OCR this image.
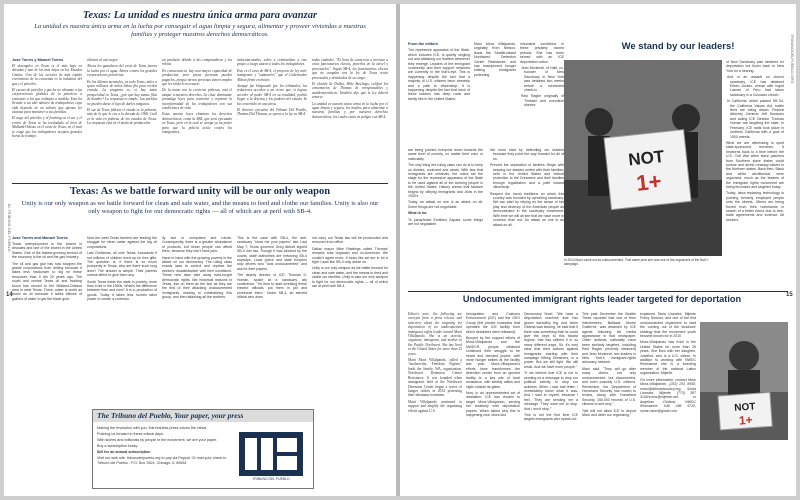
EL TRIBUNO DEL PUEBLO
14
Texas: La unidad es nuestra única arma para avanzar

La unidad es nuestra única arma en la lucha por conseguir el agua limpia y segura, alimentar y proveer viviendas a nuestras familias y proteger nuestros derechos democráticos.

Jose Torres y Manuel Torres

El desempleo en Texas es el más bajo en décadas y uno de los más bajos en los Estados Unidos. Uno de los sectores de más rápido crecimiento de la economía es la industria del gas y el petróleo.

El escaso de petróleo y gas ha no obstante a las corporaciones globales de la petrolera a contratar a los que trabajan a medida. Esto ha llevado a un alto número de trabajadores cuya vida depende de un salario que apenas les alcanza para mantener a sus familias.

El auge del petróleo y el fracking en el sur y el centro de Texas se ha trasladado al área de Midland-Odessa en el oeste de Texas, en el cual se exige que los trabajadores acepten grandes horas de trabajo.

alientar al uno negro.

Ahora los ganaderos del oeste de Texas fueron la lucha por el agua. Ahora contra los grandes corporaciones petroleras.

En los últimos mensiales, en todo Texas, miles a quien millones de niños lidian fila para recibir comida. La pregunta es, si hay tanta prosperidad en Texas, ¿por qué hay tantas filas de hambre? La respuesta es simple. Las pueblas no pueden darse el lujo de darles ningunos.

El sur de Texas fábrica el estado es la pobreza, más de lo que lo era a la década de 1960. Cuál es la vida en pobreza de los estados de Texas. La respuesta está en el modo de producción.

un producto debido a las computadoras y los robots.

En consecuencia, hay una mayor capacidad de producción, pero pocas personas pueden pagarlos, porque menos personas tienen empleo que les rinda lo necesario.

De la mano con la creciente pobreza, está el ataque a nuestros derechos. La clase dominante promulga leyes para controlar y reprimir la inconformidad de los trabajadores con sus condiciones de vida.

Estas nuevas leyes eliminan los derechos democráticos, como la SB4, que será ejecutado en Texas, pero en la cual se otorga ya un poder para que la policía actúe contra los inmigrantes.

indocumentados, sobre a criminalizar a este grupo, a luego atacar a todos los trabajadores.

Este es el caso de SB-4, el proyecto de ley anti-inmigrante y "santuarios" que el Gobernador Abbott firmó en marzo.

Aunque fue bloqueado por los tribunales, los redactores acceden a un cierre que, si logran acceder al poder SB-4 en su totalidad, podría llegar a la defensa y los poderes del estado. Se ha convertido en una farsa.

El director ejecutivo del Tribuno Del Pueblo, Thomas Dal Thomas, se opone a la ley en SB-4.

todas ciudades. "Es hora de conservar a arrestar a estos funcionarios electos, ponerlos en la cárcel y procesarlos". Según SB-4, los funcionarios electos que no cumplan con la ley de Texas serán procesados y destituidos de su cargo.

El alcalde de Dallas, Mike Rawlings, calificó los comentarios de Thomas de irresponsables y antidemocráticos. También dijo que la ley deberá votarse.

La unidad es nuestra única arma en la lucha por el agua limpia y segura, los medios para alimentar a nuestras familias y por nuestros derechos democráticos, los cuales están en peligro con SB-4.

Texas: As we battle forward unity will be our only weapon

Unity is our only weapon as we battle forward for clean and safe water, and the means to feed and clothe our families. Unity is also our only weapon to fight for our democratic rights — all of which are at peril with SB-4.

Jose Torres and Manuel Torres

Texas unemployment is the lowest in decades and one of the lowest in the United States. One of the fastest-growing sectors of the economy is the oil and the gas industry.

The oil and gas glut has now stopped the global corporations from drilling because it takes less manpower to dig for these resources than it did 20 years ago. The south and central Texas oil and fracking boom has moved to the Midland-Odessa area in west Texas. There, water is worth as much as oil because it takes billions of gallons of water to get the black gold.

Now the west Texas farmers are leading the struggle for clean water against the big oil corporations.

Last Christmas, all over Texas, thousands if not millions of children lined up for free gifts. The question is, if there is so much prosperity in Texas, why are there such long lines? The answer is simple. Their parents cannot afford to give them any.

South Texas leads the state in poverty, more than it did in the 1960s. What's the difference between then and now? It is in production of goods. Today it takes less human labor power to create a commod-

ity due to computers and robots. Consequently, there is a greater abundance of products, but fewer people can afford them, because they don't have jobs.

Hand in hand with the growing poverty is the attack on our democracy. The ruling class enacts laws to control and repress the workers' dissatisfaction with their conditions. These new laws take away hard-fought democratic rights, like historical reasons in Texas, this on them as the first as they are the first of their attacking undocumented immigrants, leading to criminalizing this group, and then attacking all the workers.

This is the case with SB-4, the anti-sanctuary "show me your papers" law. Last May 7, Texas governor Greg Abbott signed SB-4 into law. Though it was blocked by the courts, state authorities are enforcing SB-4 anyways. Local police and state troopers stop drivers who "look undocumented" and ask for their papers.

The deputy director of ICE, Thomas D. Homan, spoke at a sanctuary city conference. "It's time to start arresting these elected officials, put them in jail and prosecute them." Under SB-4, an elected official who does

not carry out Texas law will be prosecuted and removed from office.

Dallas mayor Mike Rawlings called Thomas' remarks total hogwash and un-American. We couldn't agree more. It looks like we are in for a fight. Laws like SB-4 only divide us.

Unity is our only weapon as we battle forward for clean and safe water, and the means to feed and clothe our families. Unity is also our only weapon to fight for our democratic rights — all of which are at peril with SB-4.

The Tribuno del Pueblo, Your paper, your press

Making the revolution with you, this fearless press voices the views

Pushing us forward in these critical days.

With stories and editorials by people in the movement, we are your paper.

Buy a subscription today.

$20 for an annual subscription

Visit our web site, tribunodelpueblo.org to pay via Paypal. Or mail your check to Tribuno del Pueblo - P.O. Box 3524, Chicago, IL 60654

TRIBUNO DEL PUEBLO
TRIBUNODELPUEBLO.ORG
15
From the editors

The repressive apparatus of the State, which includes ICE, is quietly singling out and attacking our leaders whenever they emerge. Leaders of the immigrant community and their support networks are currently in the bull's-eye. This is happening despite the fact that a majority of U.S. citizens favor amnesty and a path to citizenship. It is happening despite the fact that each of these leaders has deep roots and family ties in the United States.

Marú Mora Villalpando, originally from Mexico, leads the Seattle-based Northwest Detention Center Resistance, and has championed hunger striking immigrants protesting

inhumane conditions in these privately owned prisons. She has been served with an ICE deportation notice.

Jean Montrevil, of Haiti, co-founder of New Sanctuary in New York was detained two weeks before a scheduled check-in.

Ravi Ragbir originally of Trinidad and executive director

We stand by our leaders!
NOT
1+
In 2014 Marú came out as undocumented. That same year she was one of the organizers of the Not1+ campaign.

of New Sanctuary was detained for deportation but flown back to New York for a hearing.

And in an assault on church sanctuary, ICE has detained Eliseo Jurado, whose wife Ingrid Latorre of Peru had taken sanctuary in a Colorado church.

In California, which passed SB 54, the California Values Act, battle lines are being drawn. Federal Attorney General Jeff Sessions and acting ICE Director Thomas Homan are targeting the state. In February, ICE raids took place in northern California with a goal of 1500 arrests.

What we are witnessing is quiet state-sponsored terrorism. It hearkens back to a time before the U.S. Civil War when slave patchers from Southern slave states could pursue and arrest runaway slaves in the Northern states. Back then, Black and white abolitionists were organized, much as the leaders of the immigrant rights movement are being terrorized and targeted today.

Today, labor-replacing technology is pushing formerly employed people onto the streets. Others are being forced from their homelands in search of a better future due to free-trade agreements and violence. All workers

are being pushed everyone down towards the same level of poverty, no matter their color or nationality.

The only thing the ruling class can do is to keep us divided, confused and afraid. With fear that immigrants are criminals, the rulers set the stage for the repressive apparatus of the State to be used against all of the working people in the United States. History shows that fascism begins by vilifying immigrants and Jews in the 1930's.

Today, an attack on one is an attack on all. Some things are not negotiable.

What to do:

To paraphrase Emiliano Zapata, some things are not negotiable.

We must start by defending our leaders because they point the way forward for all of us.

Prevent the separation of families. Begin with keeping our leaders united with their families; here in the United States and extend protection to the Dreamers and their families through legalization and a path toward citizenship.

Respect the moral traditions on which this country was founded by upholding sanctuary. We can start by relying on the sense of fair play and decency of the American people as demonstrated in the sanctuary movement. With time we will all see that we have more in common than not. An attack on one is an attack on all.

Undocumented immigrant rights leader targeted for deportation

Editor's note: the following are excerpts from a press release and interview about the targeting for deportation of an undocumented immigrant rights leader named Marú Villalpando. She is an activist, organizer, immigrant, and mother in the Pacific Northwest. She has lived in the United States for more than 25 years.

Marú Mora Villalpando, called a "modern-day Freedom Fighter," leads the Seattle, WA, organization, Northwest Detention Center Resistance. It was founded when immigrants held at the Northwest Detention Center began a series of hunger strikes in 2014 protesting their inhumane treatment.

Marú Villalpando continued to support and amplify the organizing efforts against U.S.

Immigration and Customs Enforcement (ICE) and the GEO Group (the private contractor that operates the ICE facility from which detainees were released).

Buoyed by the support efforts of Mora-Villalpando and the NWDCR, people detained continued their struggle to be heard and demand justice, with more hunger strikes at the facility last year. Mora-Villalpando's efforts have transformed the detention center from an ignored facility to a key site of local resistance, with weekly rallies and vigils outside its gates.

Now, in an unprecedented act of retaliation, ICE has chosen to target Mora-Villalpando, serving her suddenly with deportation papers. When asked why this is happening now, Mora told

Democracy Now!, "We have a deportation machine that has grown incredibly big. And when Obama was leaving, he said that if there was something that he could give the keys to this fascist regime, that has utilized it in so many different ways. So, it's very clear that their actions against immigrants, starting with their campaign hitting Dreamers, is a power. But we still fight. We still resist. And we have more people."

"If we believe that ICE is not to sending us a message to drop our political activity, to drop our activism. When I saw that letter, I immediately knew what it was. And I said to myself, because I feel, 'They are sending me a message. They want me to stop. And I won't stop.'"

This is not the first time ICE targets immigrants who speak out.

This past December the Seattle Times reported that one of their interviewees, Baltazar Aburto Gutierrez, was detained by ICE agents following his media appearance in that newspaper. Other activists nationally have been similarly targeted, including Ravi Ragbir (recently detained) and Jean Montrevil, two leaders in New York's immigrant-rights advocacy network.

Marú said, "They will go after many others, not only undocumented, but documented, and even possibly U.S. citizens. Remember, the Department of Homeland Security has vowed to review, along with Homeland Security, 150,000 records of U.S. citizens to see why."

"We will not allow ICE to deport Marú and deter our organizing,"

explained Tania Unzueta, Mijente Policy Director, and one of the first undocumented organizers to start the 'coming out of the shadows' strategy that the movement youth became known for in 2010.

Mora-Villalpando has lived in the United States for more than 25 years. She lives with her daughter, Josefina, who is a U.S. citizen. In addition to working with NWDC Resistance she is a founding member of the national Latinx organization, Mijente.

For more information, contact Maru Mora-Villalpando, (253) 251 8658, maru@latinoadvocacy.org, Sonia Lisesata, Mijente, (773) 387 3140/coms@mijente.net, or Angelina Chidiosi, NWDC Resistance, 646 496 5726, schar.ramir@gmail.com	NOT
1+
